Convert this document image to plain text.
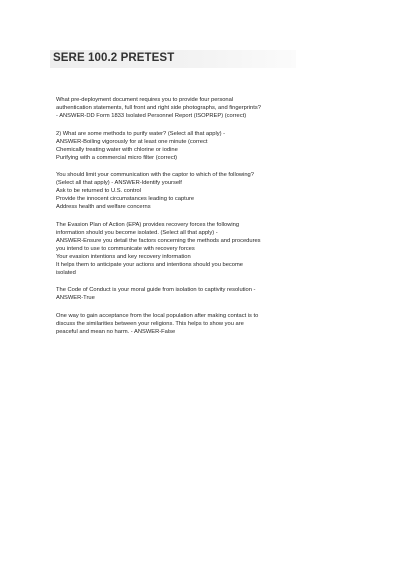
SERE 100.2 PRETEST
What pre-deployment document requires you to provide four personal
authentication statements, full front and right side photographs, and fingerprints?
- ANSWER-DD Form 1833 Isolated Personnel Report (ISOPREP) (correct)
2) What are some methods to purify water? (Select all that apply) -
ANSWER-Boiling vigorously for at least one minute (correct
Chemically treating water with chlorine or iodine
Purifying with a commercial micro filter (correct)
You should limit your communication with the captor to which of the following?
(Select all that apply) - ANSWER-Identify yourself
Ask to be returned to U.S. control
Provide the innocent circumstances leading to capture
Address health and welfare concerns
The Evasion Plan of Action (EPA) provides recovery forces the following
information should you become isolated. (Select all that apply) -
ANSWER-Ensure you detail the factors concerning the methods and procedures
you intend to use to communicate with recovery forces
Your evasion intentions and key recovery information
It helps them to anticipate your actions and intentions should you become
isolated
The Code of Conduct is your moral guide from isolation to captivity resolution -
ANSWER-True
One way to gain acceptance from the local population after making contact is to
discuss the similarities between your religions. This helps to show you are
peaceful and mean no harm. - ANSWER-False
